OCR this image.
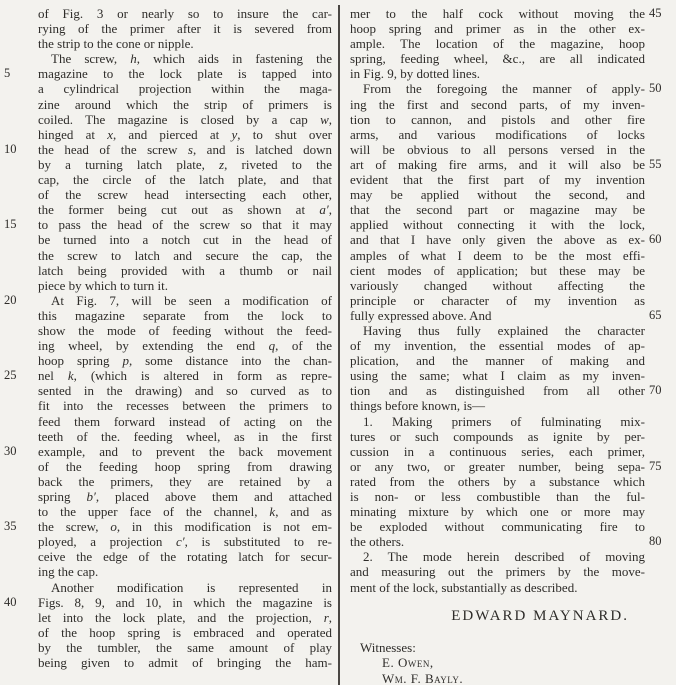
of Fig. 3 or nearly so to insure the car-
rying of the primer after it is severed from
the strip to the cone or nipple.
The screw, h, which aids in fastening the
magazine to the lock plate is tapped into
5
a cylindrical projection within the maga-
zine around which the strip of primers is
coiled. The magazine is closed by a cap w,
hinged at x, and pierced at y, to shut over
the head of the screw s, and is latched down
10
by a turning latch plate, z, riveted to the
cap, the circle of the latch plate, and that
of the screw head intersecting each other,
the former being cut out as shown at a′,
to pass the head of the screw so that it may
15
be turned into a notch cut in the head of
the screw to latch and secure the cap, the
latch being provided with a thumb or nail
piece by which to turn it.
At Fig. 7, will be seen a modification of
20
this magazine separate from the lock to
show the mode of feeding without the feed-
ing wheel, by extending the end q, of the
hoop spring p, some distance into the chan-
nel k, (which is altered in form as repre-
25
sented in the drawing) and so curved as to
fit into the recesses between the primers to
feed them forward instead of acting on the
teeth of the. feeding wheel, as in the first
example, and to prevent the back movement
30
of the feeding hoop spring from drawing
back the primers, they are retained by a
spring b′, placed above them and attached
to the upper face of the channel, k, and as
the screw, o, in this modification is not em-
35
ployed, a projection c′, is substituted to re-
ceive the edge of the rotating latch for secur-
ing the cap.
Another modification is represented in
Figs. 8, 9, and 10, in which the magazine is
40
let into the lock plate, and the projection, r,
of the hoop spring is embraced and operated
by the tumbler, the same amount of play
being given to admit of bringing the ham-
mer to the half cock without moving the 45
hoop spring and primer as in the other ex-
ample. The location of the magazine, hoop
spring, feeding wheel, &c., are all indicated
in Fig. 9, by dotted lines.
From the foregoing the manner of apply- 50
ing the first and second parts, of my inven-
tion to cannon, and pistols and other fire
arms, and various modifications of locks
will be obvious to all persons versed in the
art of making fire arms, and it will also be 55
evident that the first part of my invention
may be applied without the second, and
that the second part or magazine may be
applied without connecting it with the lock,
and that I have only given the above as ex- 60
amples of what I deem to be the most effi-
cient modes of application; but these may be
variously changed without affecting the
principle or character of my invention as
fully expressed above. And	65
Having thus fully explained the character
of my invention, the essential modes of ap-
plication, and the manner of making and
using the same; what I claim as my inven-
tion and as distinguished from all other 70
things before known, is—
1. Making primers of fulminating mix-
tures or such compounds as ignite by per-
cussion in a continuous series, each primer,
or any two, or greater number, being sepa- 75
rated from the others by a substance which
is non- or less combustible than the ful-
minating mixture by which one or more may
be exploded without communicating fire to
the others.	80
2. The mode herein described of moving
and measuring out the primers by the move-
ment of the lock, substantially as described.
EDWARD MAYNARD.
Witnesses:
E. Owen,
Wm. F. Bayly.
